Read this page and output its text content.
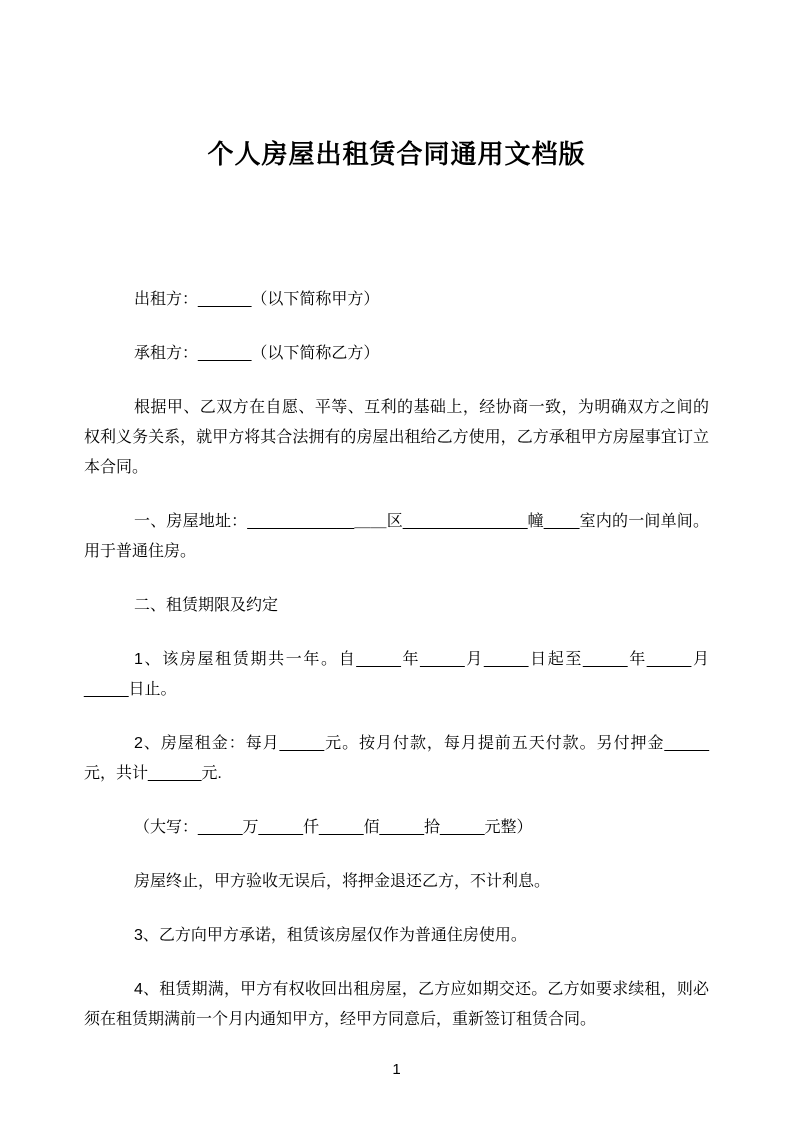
个人房屋出租赁合同通用文档版

出租方：______（以下简称甲方）

承租方：______（以下简称乙方）

根据甲、乙双方在自愿、平等、互利的基础上，经协商一致，为明确双方之间的权利义务关系，就甲方将其合法拥有的房屋出租给乙方使用，乙方承租甲方房屋事宜订立本合同。

一、房屋地址：____________＿＿区______________幢____室内的一间单间。用于普通住房。

二、租赁期限及约定

1、该房屋租赁期共一年。自_____年_____月_____日起至_____年_____月_____日止。

2、房屋租金：每月_____元。按月付款，每月提前五天付款。另付押金_____元，共计______元.

（大写：_____万_____仟_____佰_____拾_____元整）

房屋终止，甲方验收无误后，将押金退还乙方，不计利息。

3、乙方向甲方承诺，租赁该房屋仅作为普通住房使用。

4、租赁期满，甲方有权收回出租房屋，乙方应如期交还。乙方如要求续租，则必须在租赁期满前一个月内通知甲方，经甲方同意后，重新签订租赁合同。

1
